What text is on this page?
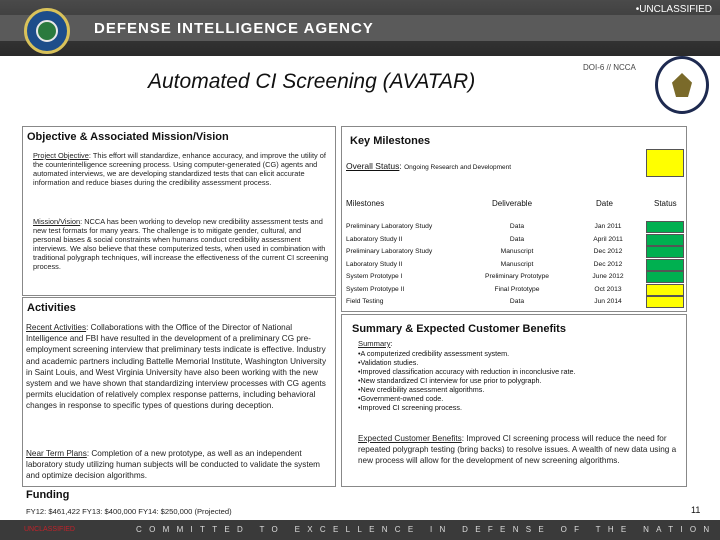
DEFENSE INTELLIGENCE AGENCY
•UNCLASSIFIED
Automated CI Screening (AVATAR)
DOI-6 // NCCA
Objective & Associated Mission/Vision
Project Objective: This effort will standardize, enhance accuracy, and improve the utility of the counterintelligence screening process. Using computer-generated (CG) agents and automated interviews, we are developing standardized tests that can elicit accurate information and reduce biases during the credibility assessment process.
Mission/Vision: NCCA has been working to develop new credibility assessment tests and new test formats for many years. The challenge is to mitigate gender, cultural, and personal biases & social constraints when humans conduct credibility assessment interviews. We also believe that these computerized tests, when used in combination with traditional polygraph techniques, will increase the effectiveness of the current CI screening process.
Activities
Recent Activities: Collaborations with the Office of the Director of National Intelligence and FBI have resulted in the development of a preliminary CG pre-employment screening interview that preliminary tests indicate is effective. Industry and academic partners including Battelle Memorial Institute, Washington University in Saint Louis, and West Virginia University have also been working with the new system and we have shown that standardizing interview processes with CG agents permits elucidation of relatively complex response patterns, including behavioral changes in response to specific types of questions during deception.
Near Term Plans: Completion of a new prototype, as well as an independent laboratory study utilizing human subjects will be conducted to validate the system and optimize decision algorithms.
Key Milestones
Overall Status: Ongoing Research and Development
Milestones	Deliverable	Date	Status
Preliminary Laboratory Study	Data	Jan 2011
Laboratory Study II	Data	April 2011
Preliminary Laboratory Study	Manuscript	Dec 2012
Laboratory Study II	Manuscript	Dec 2012
System Prototype I	Preliminary Prototype	June 2012
System Prototype II	Final Prototype	Oct 2013
Field Testing	Data	Jun 2014
Summary & Expected Customer Benefits
Summary:
•A computerized credibility assessment system.
•Validation studies.
•Improved classification accuracy with reduction in inconclusive rate.
•New standardized CI interview for use prior to polygraph.
•New credibility assessment algorithms.
•Government-owned code.
•Improved CI screening process.
Expected Customer Benefits: Improved CI screening process will reduce the need for repeated polygraph testing (bring backs) to resolve issues. A wealth of new data using a new process will allow for the development of new screening algorithms.
Funding
FY12: $461,422 FY13: $400,000 FY14: $250,000 (Projected)	11
UNCLASSIFIED	COMMITTED TO EXCELLENCE IN DEFENSE OF THE NATION
